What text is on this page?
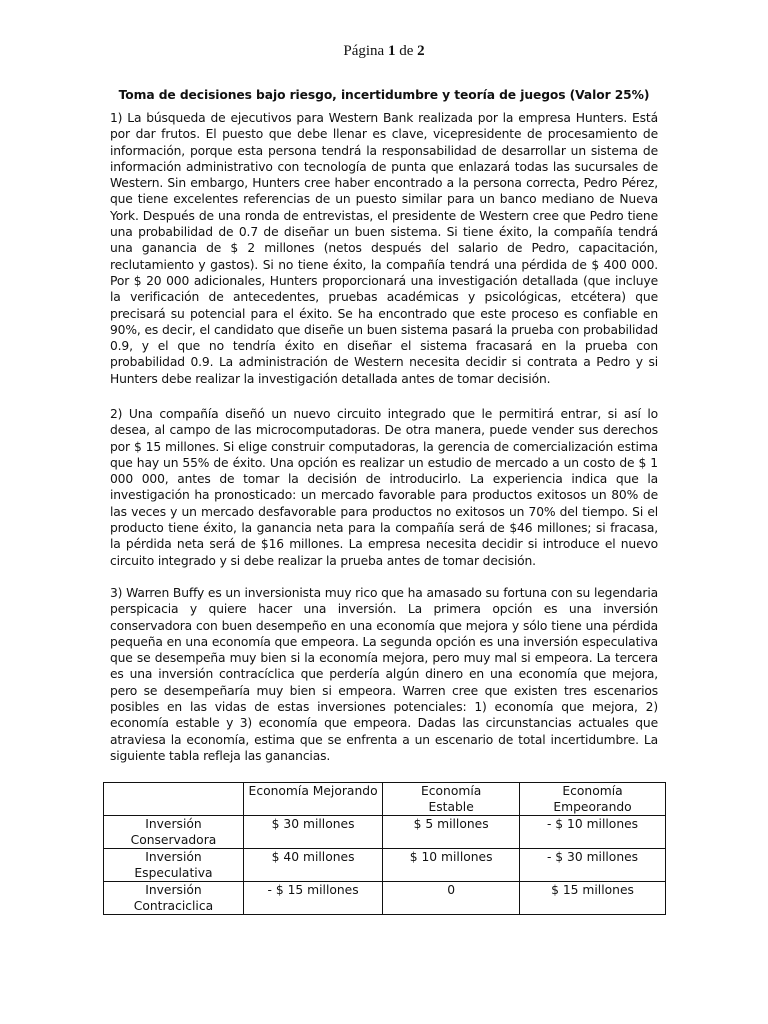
Página 1 de 2
Toma de decisiones bajo riesgo, incertidumbre y teoría de juegos (Valor 25%)

1) La búsqueda de ejecutivos para Western Bank realizada por la empresa Hunters. Está por dar frutos. El puesto que debe llenar es clave, vicepresidente de procesamiento de información, porque esta persona tendrá la responsabilidad de desarrollar un sistema de información administrativo con tecnología de punta que enlazará todas las sucursales de Western. Sin embargo, Hunters cree haber encontrado a la persona correcta, Pedro Pérez, que tiene excelentes referencias de un puesto similar para un banco mediano de Nueva York. Después de una ronda de entrevistas, el presidente de Western cree que Pedro tiene una probabilidad de 0.7 de diseñar un buen sistema. Si tiene éxito, la compañía tendrá una ganancia de $ 2 millones (netos después del salario de Pedro, capacitación, reclutamiento y gastos). Si no tiene éxito, la compañía tendrá una pérdida de $ 400 000. Por $ 20 000 adicionales, Hunters proporcionará una investigación detallada (que incluye la verificación de antecedentes, pruebas académicas y psicológicas, etcétera) que precisará su potencial para el éxito. Se ha encontrado que este proceso es confiable en 90%, es decir, el candidato que diseñe un buen sistema pasará la prueba con probabilidad 0.9, y el que no tendría éxito en diseñar el sistema fracasará en la prueba con probabilidad 0.9. La administración de Western necesita decidir si contrata a Pedro y si Hunters debe realizar la investigación detallada antes de tomar decisión.

2) Una compañía diseñó un nuevo circuito integrado que le permitirá entrar, si así lo desea, al campo de las microcomputadoras. De otra manera, puede vender sus derechos por $ 15 millones. Si elige construir computadoras, la gerencia de comercialización estima que hay un 55% de éxito. Una opción es realizar un estudio de mercado a un costo de $ 1 000 000, antes de tomar la decisión de introducirlo. La experiencia indica que la investigación ha pronosticado: un mercado favorable para productos exitosos un 80% de las veces y un mercado desfavorable para productos no exitosos un 70% del tiempo. Si el producto tiene éxito, la ganancia neta para la compañía será de $46 millones; si fracasa, la pérdida neta será de $16 millones. La empresa necesita decidir si introduce el nuevo circuito integrado y si debe realizar la prueba antes de tomar decisión.

3) Warren Buffy es un inversionista muy rico que ha amasado su fortuna con su legendaria perspicacia y quiere hacer una inversión. La primera opción es una inversión conservadora con buen desempeño en una economía que mejora y sólo tiene una pérdida pequeña en una economía que empeora. La segunda opción es una inversión especulativa que se desempeña muy bien si la economía mejora, pero muy mal si empeora. La tercera es una inversión contracíclica que perdería algún dinero en una economía que mejora, pero se desempeñaría muy bien si empeora. Warren cree que existen tres escenarios posibles en las vidas de estas inversiones potenciales: 1) economía que mejora, 2) economía estable y 3) economía que empeora. Dadas las circunstancias actuales que atraviesa la economía, estima que se enfrenta a un escenario de total incertidumbre. La siguiente tabla refleja las ganancias.

	Economía Mejorando	Economía Estable	Economía Empeorando
Inversión Conservadora	$ 30 millones	$ 5 millones	- $ 10 millones
Inversión Especulativa	$ 40 millones	$ 10 millones	- $ 30 millones
Inversión Contraciclica	- $ 15 millones	0	$ 15 millones
